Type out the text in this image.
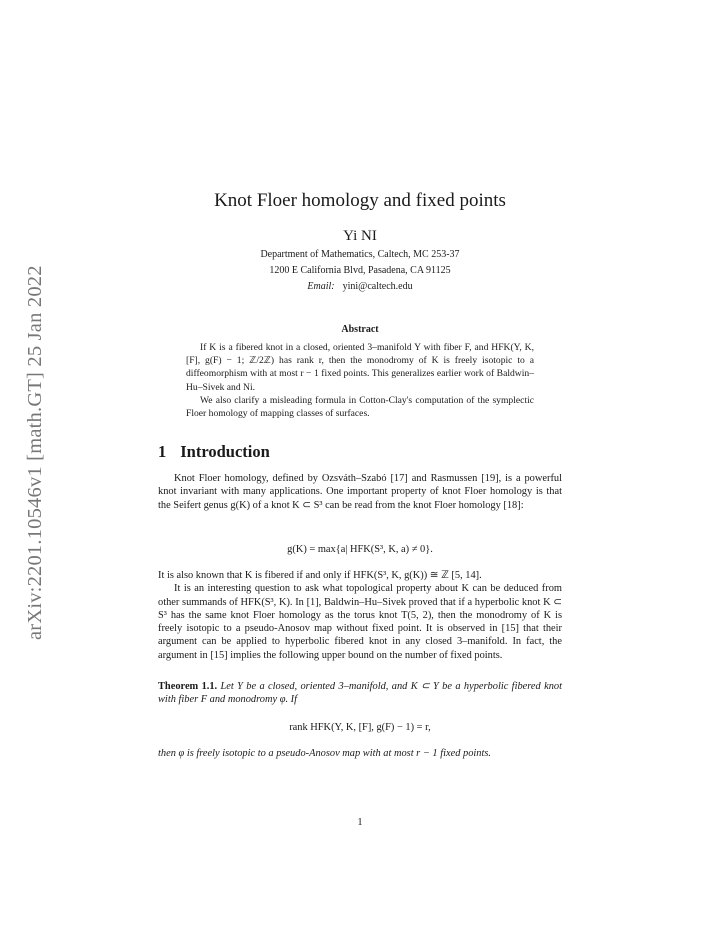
arXiv:2201.10546v1 [math.GT] 25 Jan 2022
Knot Floer homology and fixed points
Yi NI
Department of Mathematics, Caltech, MC 253-37
1200 E California Blvd, Pasadena, CA 91125
Email: yini@caltech.edu
Abstract

If K is a fibered knot in a closed, oriented 3–manifold Y with fiber F, and HFK(Y, K, [F], g(F) − 1; ℤ/2ℤ) has rank r, then the monodromy of K is freely isotopic to a diffeomorphism with at most r − 1 fixed points. This generalizes earlier work of Baldwin–Hu–Sivek and Ni.

We also clarify a misleading formula in Cotton-Clay's computation of the symplectic Floer homology of mapping classes of surfaces.

1 Introduction

Knot Floer homology, defined by Ozsváth–Szabó [17] and Rasmussen [19], is a powerful knot invariant with many applications. One important property of knot Floer homology is that the Seifert genus g(K) of a knot K ⊂ S³ can be read from the knot Floer homology [18]:

g(K) = max{a| HFK(S³, K, a) ≠ 0}.

It is also known that K is fibered if and only if HFK(S³, K, g(K)) ≅ ℤ [5, 14].

It is an interesting question to ask what topological property about K can be deduced from other summands of HFK(S³, K). In [1], Baldwin–Hu–Sivek proved that if a hyperbolic knot K ⊂ S³ has the same knot Floer homology as the torus knot T(5, 2), then the monodromy of K is freely isotopic to a pseudo-Anosov map without fixed point. It is observed in [15] that their argument can be applied to hyperbolic fibered knot in any closed 3–manifold. In fact, the argument in [15] implies the following upper bound on the number of fixed points.

Theorem 1.1. Let Y be a closed, oriented 3–manifold, and K ⊂ Y be a hyperbolic fibered knot with fiber F and monodromy φ. If
rank HFK(Y, K, [F], g(F) − 1) = r,
then φ is freely isotopic to a pseudo-Anosov map with at most r − 1 fixed points.
1
